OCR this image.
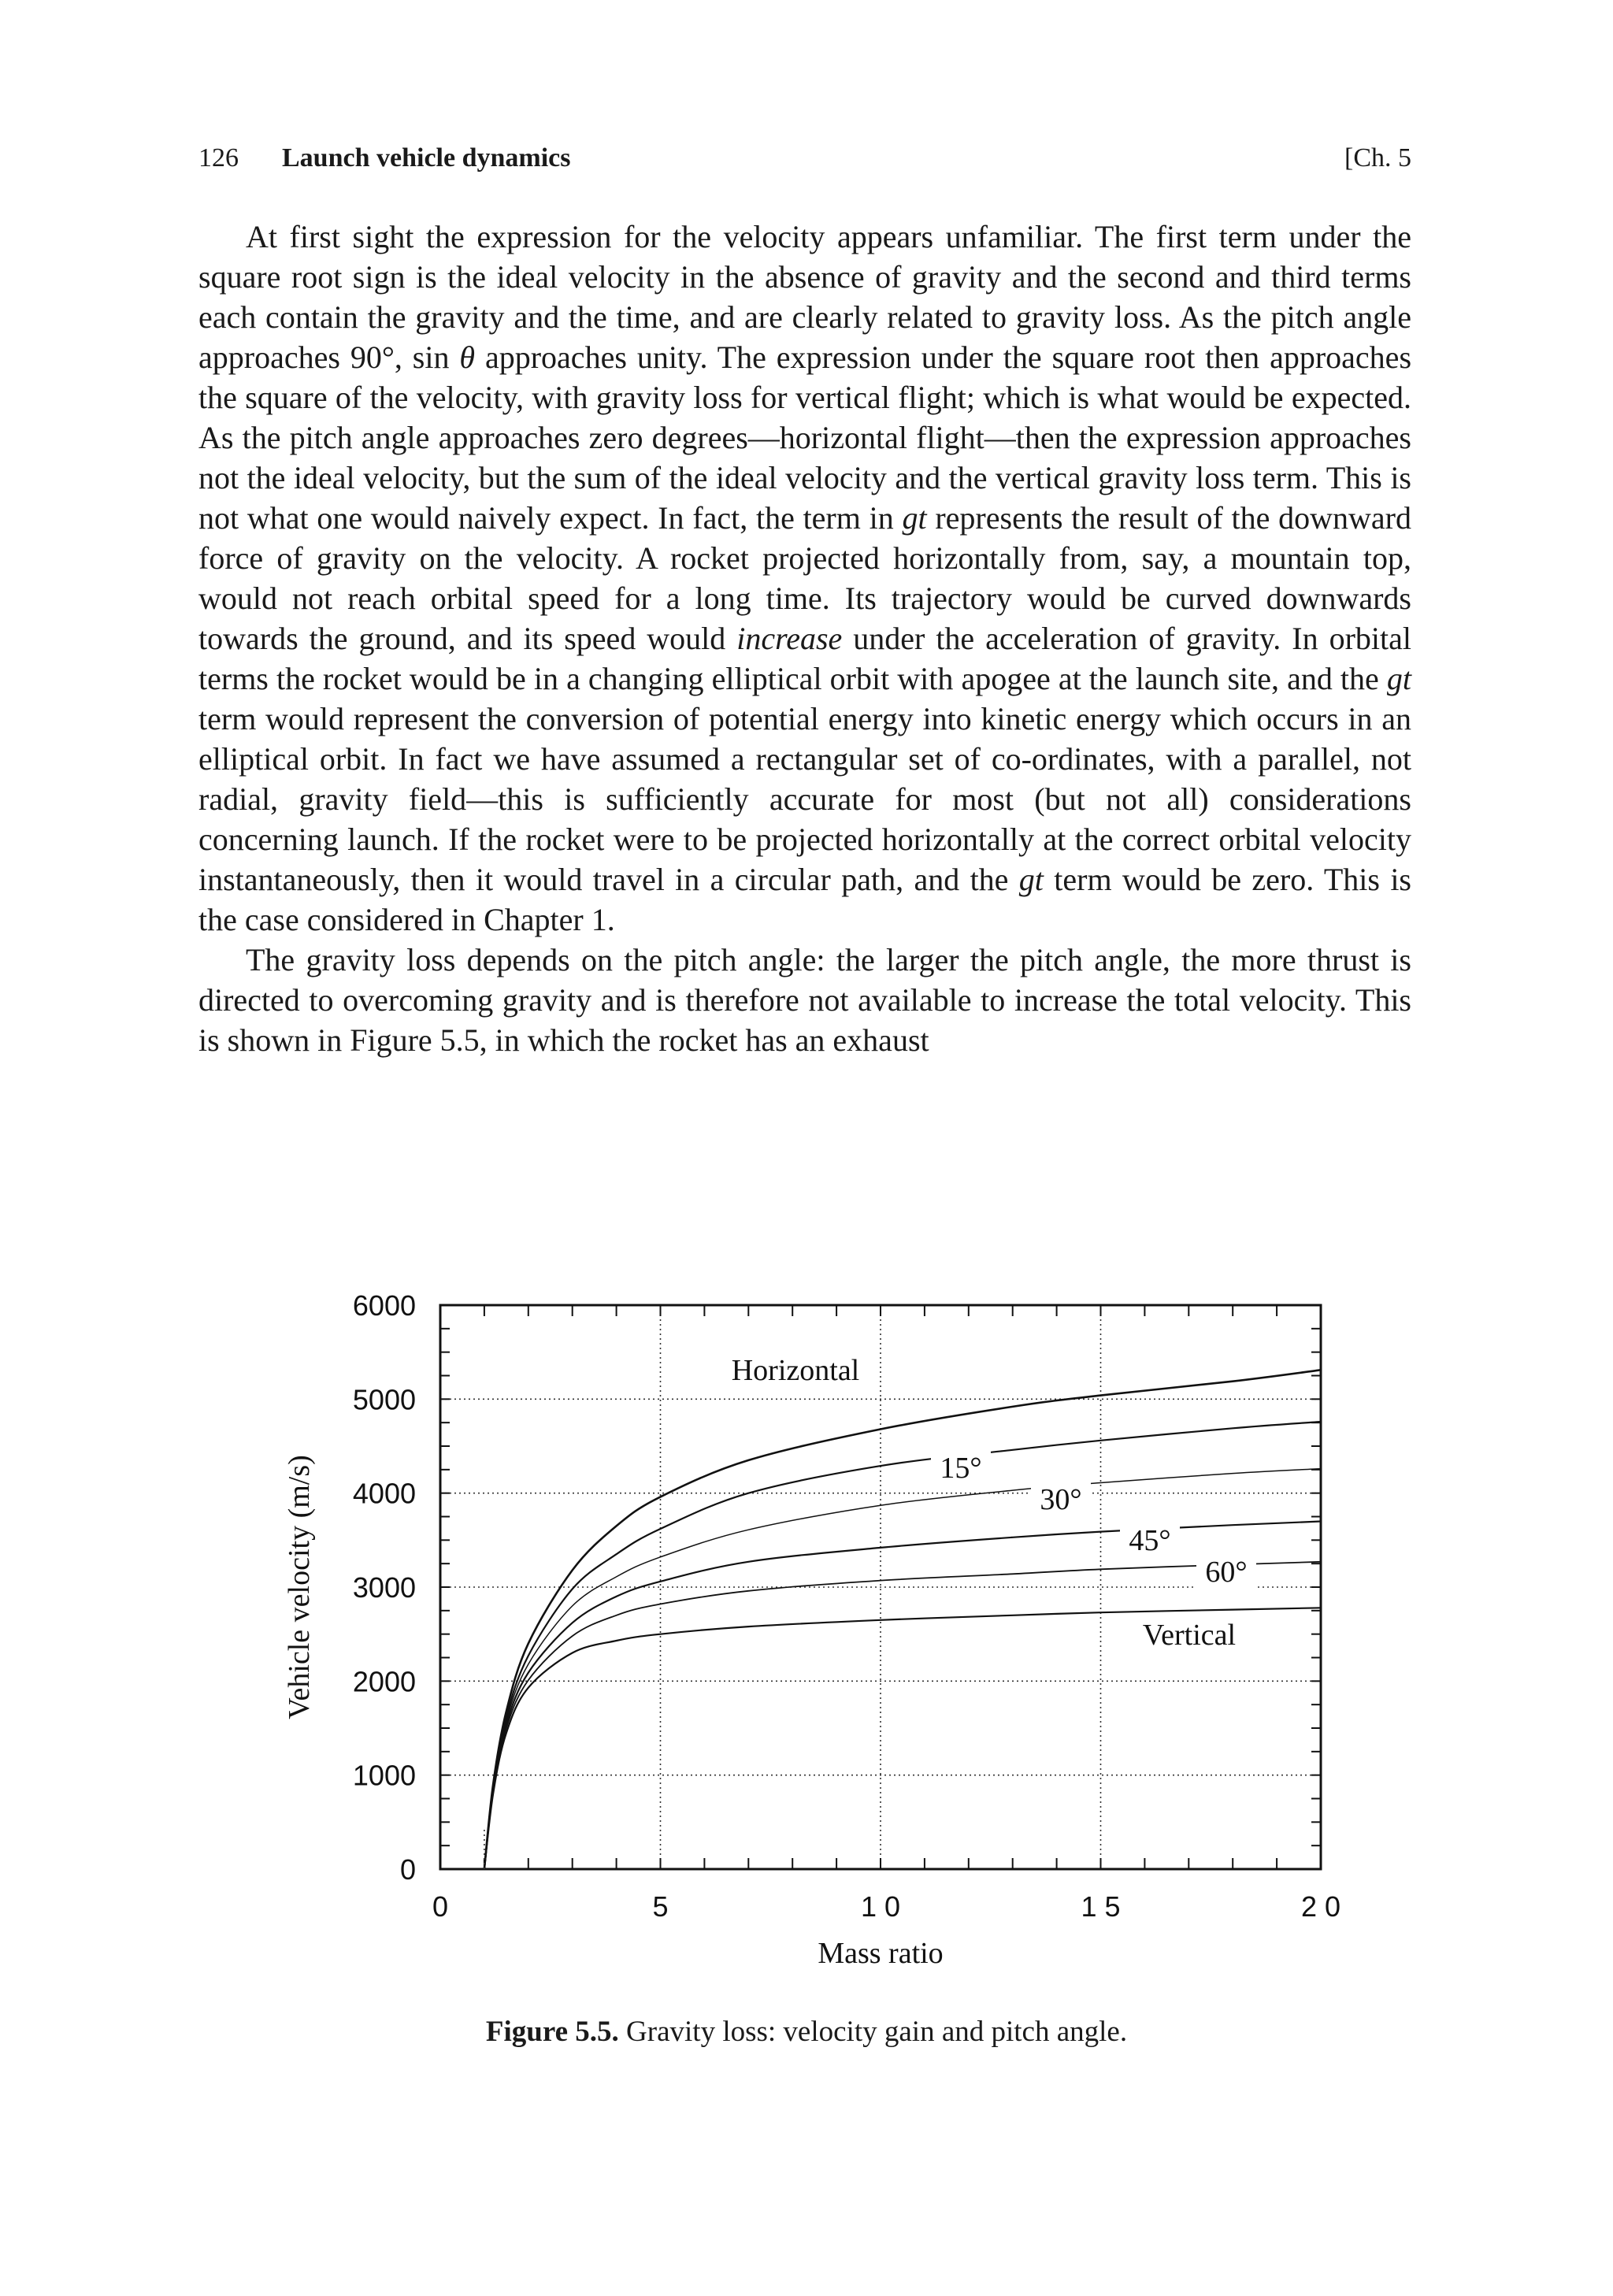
126 Launch vehicle dynamics	[Ch. 5

At first sight the expression for the velocity appears unfamiliar. The first term under the square root sign is the ideal velocity in the absence of gravity and the second and third terms each contain the gravity and the time, and are clearly related to gravity loss. As the pitch angle approaches 90°, sin θ approaches unity. The expression under the square root then approaches the square of the velocity, with gravity loss for vertical flight; which is what would be expected. As the pitch angle approaches zero degrees—horizontal flight—then the expression approaches not the ideal velocity, but the sum of the ideal velocity and the vertical gravity loss term. This is not what one would naively expect. In fact, the term in gt represents the result of the downward force of gravity on the velocity. A rocket projected horizontally from, say, a mountain top, would not reach orbital speed for a long time. Its trajectory would be curved downwards towards the ground, and its speed would increase under the acceleration of gravity. In orbital terms the rocket would be in a changing elliptical orbit with apogee at the launch site, and the gt term would represent the conversion of potential energy into kinetic energy which occurs in an elliptical orbit. In fact we have assumed a rectangular set of co-ordinates, with a parallel, not radial, gravity field—this is sufficiently accurate for most (but not all) considerations concerning launch. If the rocket were to be projected horizontally at the correct orbital velocity instantaneously, then it would travel in a circular path, and the gt term would be zero. This is the case considered in Chapter 1.

The gravity loss depends on the pitch angle: the larger the pitch angle, the more thrust is directed to overcoming gravity and is therefore not available to increase the total velocity. This is shown in Figure 5.5, in which the rocket has an exhaust

0
1000
2000
3000
4000
5000
6000
0	5	1 0	1 5	2 0
Mass ratio
Vehicle velocity (m/s)
Horizontal
15°
30°
45°
60°
Vertical
Figure 5.5. Gravity loss: velocity gain and pitch angle.
